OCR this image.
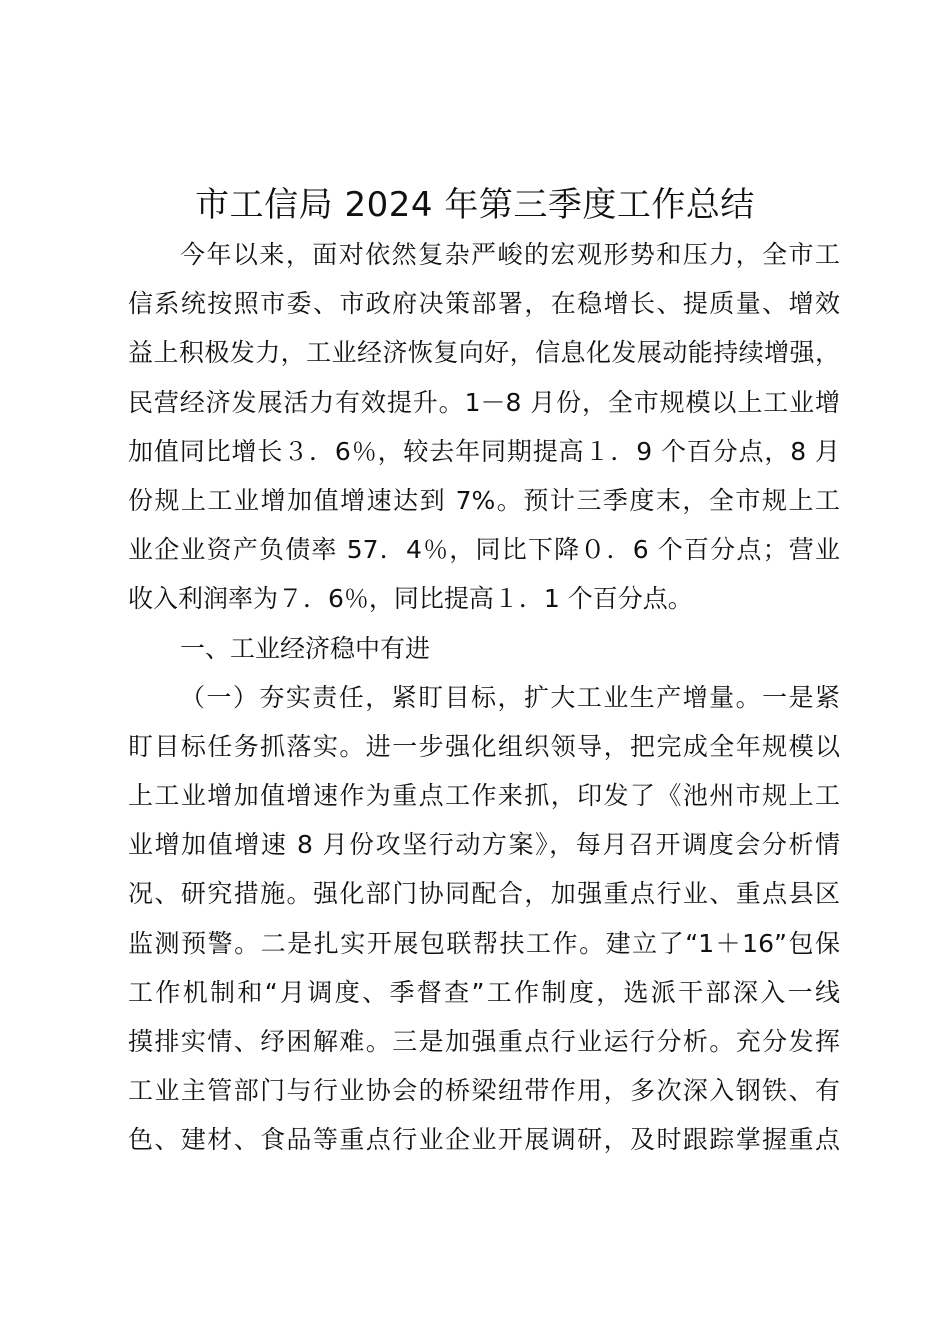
市工信局 2024 年第三季度工作总结
今年以来，面对依然复杂严峻的宏观形势和压力，全市工
信系统按照市委、市政府决策部署，在稳增长、提质量、增效
益上积极发力，工业经济恢复向好，信息化发展动能持续增强，
民营经济发展活力有效提升。1－8 月份，全市规模以上工业增
加值同比增长３．6％，较去年同期提高１．9 个百分点，8 月
份规上工业增加值增速达到 7%。预计三季度末，全市规上工
业企业资产负债率 57．4％，同比下降０．6 个百分点；营业
收入利润率为７．6％，同比提高１．1 个百分点。
一、工业经济稳中有进
（一）夯实责任，紧盯目标，扩大工业生产增量。一是紧
盯目标任务抓落实。进一步强化组织领导，把完成全年规模以
上工业增加值增速作为重点工作来抓，印发了《池州市规上工
业增加值增速 8 月份攻坚行动方案》，每月召开调度会分析情
况、研究措施。强化部门协同配合，加强重点行业、重点县区
监测预警。二是扎实开展包联帮扶工作。建立了“1＋16”包保
工作机制和“月调度、季督查”工作制度，选派干部深入一线
摸排实情、纾困解难。三是加强重点行业运行分析。充分发挥
工业主管部门与行业协会的桥梁纽带作用，多次深入钢铁、有
色、建材、食品等重点行业企业开展调研，及时跟踪掌握重点
